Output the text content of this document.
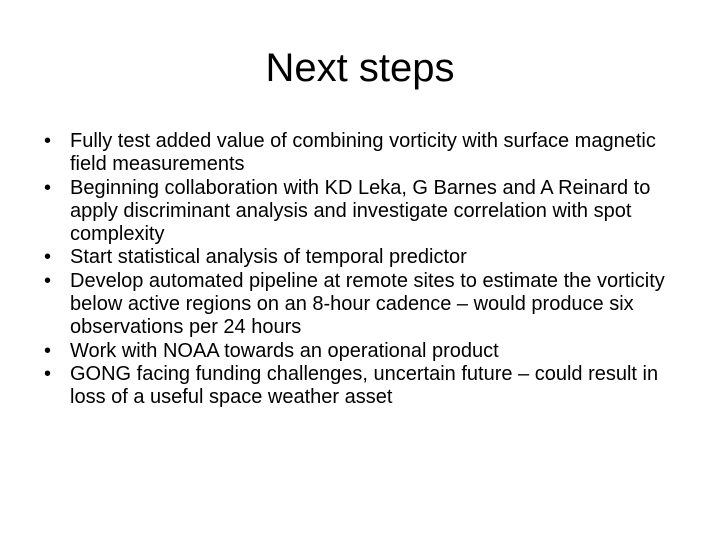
Next steps
• Fully test added value of combining vorticity with surface magnetic field measurements
• Beginning collaboration with KD Leka, G Barnes and A Reinard to apply discriminant analysis and investigate correlation with spot complexity
• Start statistical analysis of temporal predictor
• Develop automated pipeline at remote sites to estimate the vorticity below active regions on an 8-hour cadence – would produce six observations per 24 hours
• Work with NOAA towards an operational product
• GONG facing funding challenges, uncertain future – could result in loss of a useful space weather asset
